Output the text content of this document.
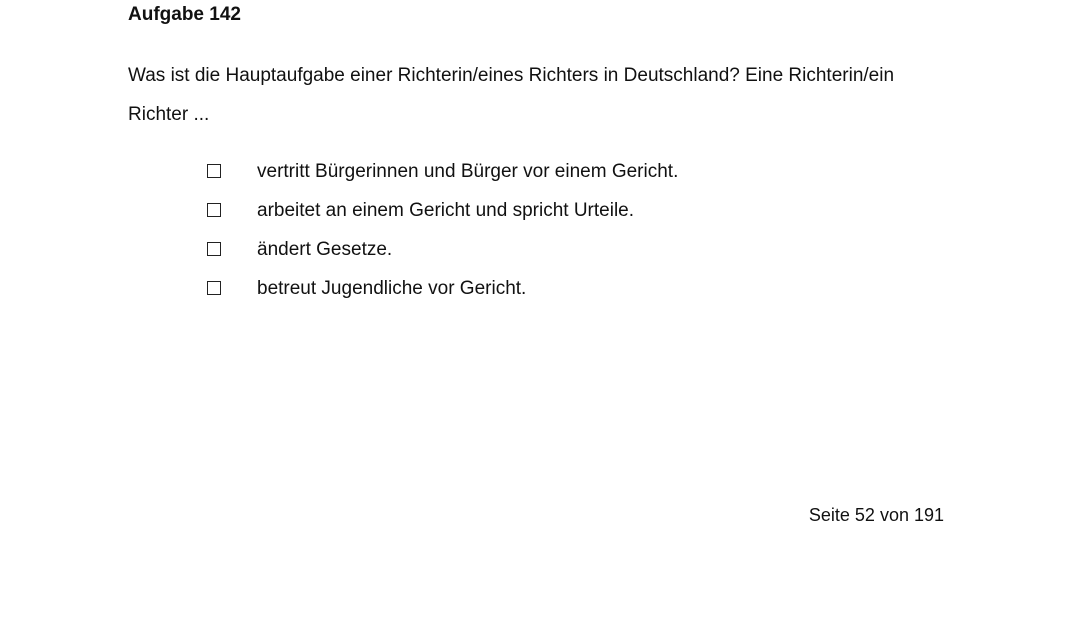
Aufgabe 142
Was ist die Hauptaufgabe einer Richterin/eines Richters in Deutschland? Eine Richterin/ein Richter ...
vertritt Bürgerinnen und Bürger vor einem Gericht.
arbeitet an einem Gericht und spricht Urteile.
ändert Gesetze.
betreut Jugendliche vor Gericht.
Seite 52 von 191
